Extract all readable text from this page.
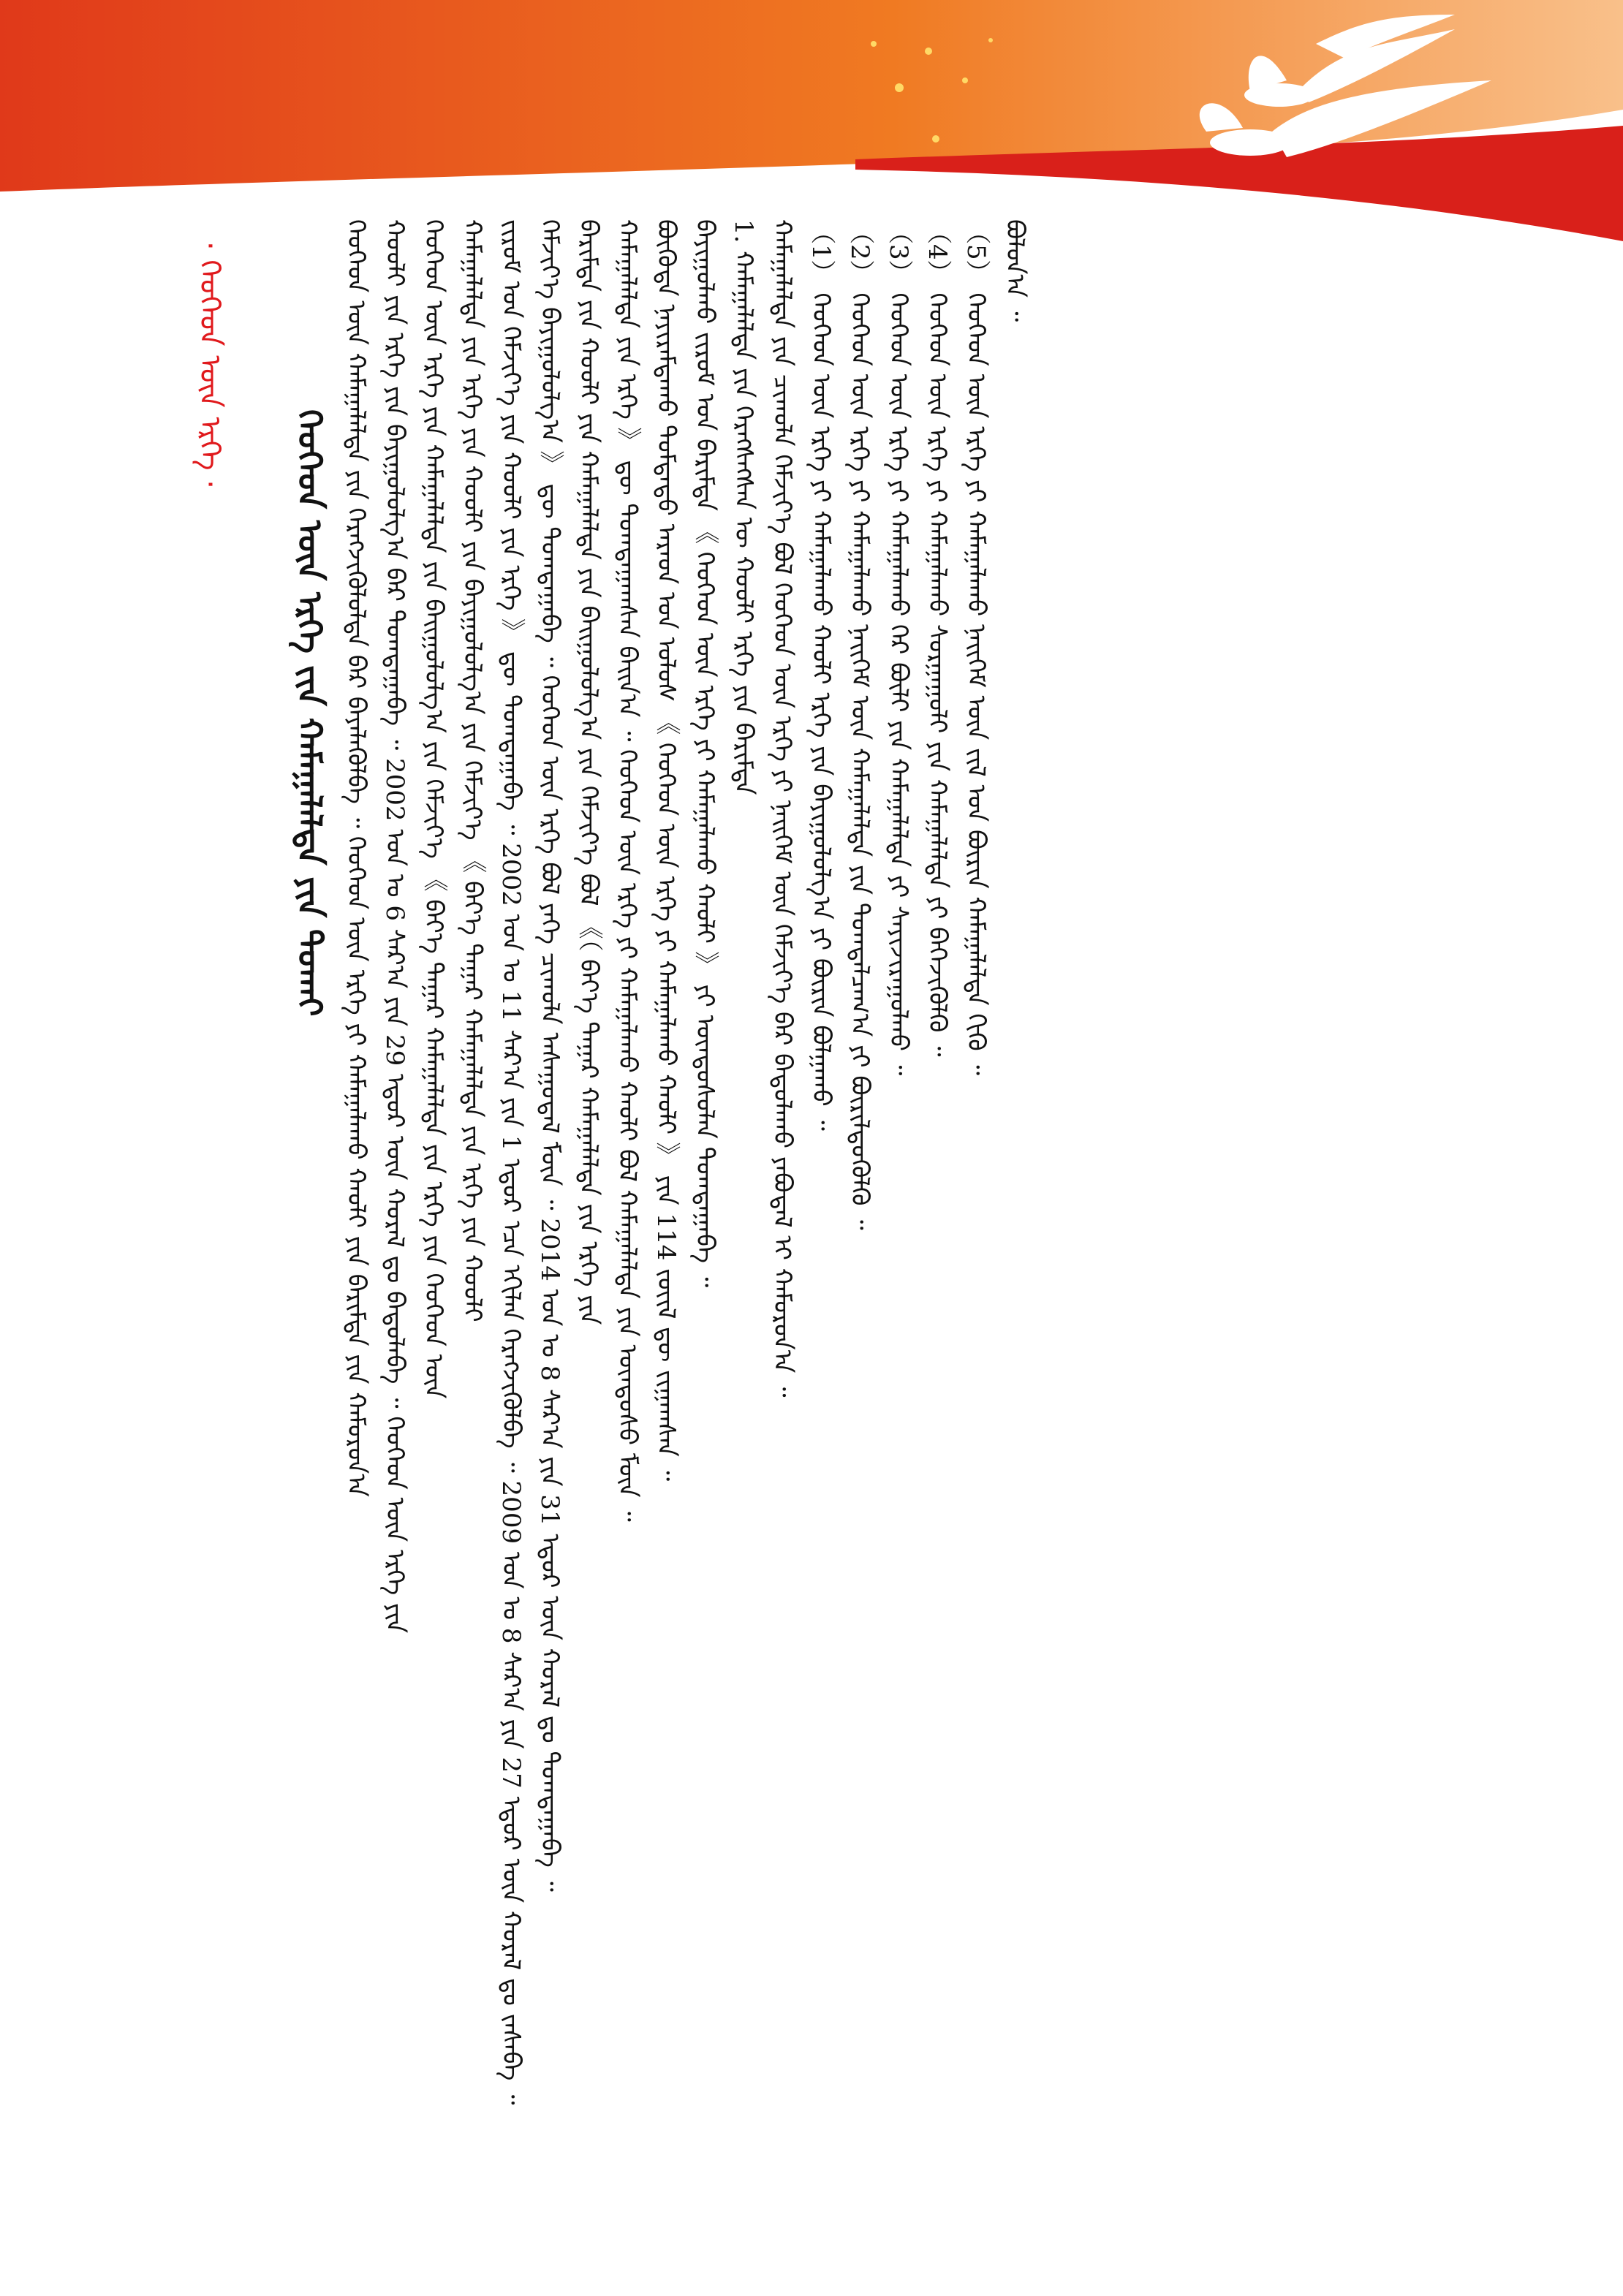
ᠬᠡᠦᠬᠡᠳ ᠦᠨ ᠡᠷᠬᠡ ᠵᠢᠨ ᠬᠠᠮᠠᠭᠠᠯᠠᠯᠲᠠ ᠶᠢᠨ ᠲᠤᠬᠠᠢ
· ᠬᠡᠦᠬᠡᠳ ᠦᠨ ᠡᠷᠬᠡ ·	ᠬᠡᠦᠬᠡᠳ ᠦᠨ ᠬᠠᠮᠠᠭᠠᠯᠠᠯᠲᠠ ᠶᠢᠨ ᠬᠡᠷᠡᠭᠵᠢᠭᠦᠯᠦᠯᠲᠡ ᠪᠠᠷ ᠪᠡᠶᠡᠯᠡᠭᠦᠯᠪᠡ ᠃ ᠬᠡᠦᠬᠡᠳ ᠦᠨ ᠡᠷᠬᠡ ᠶᠢ ᠬᠠᠮᠠᠭᠠᠯᠠᠬᠤ ᠬᠠᠤᠯᠢ ᠶᠢᠨ ᠪᠠᠷᠢᠮᠲᠠ ᠶᠢᠨ ᠬᠠᠮᠤᠷᠤᠨ᠎ᠠ ᠬᠤᠤᠯᠢ ᠶᠢᠨ ᠡᠷᠬᠡ ᠶᠢᠨ ᠪᠠᠶᠢᠭᠤᠯᠤᠯᠭ᠎ᠠ ᠪᠠᠷ ᠲᠣᠭᠲᠠᠭᠠᠪᠠ ᠃ 2002 ᠣᠨ ᠤ 6 ᠰᠠᠷ᠎ᠠ ᠶᠢᠨ 29 ᠡᠳᠦᠷ ᠦᠨ ᠬᠤᠷᠠᠯ ᠳᠤ ᠪᠠᠲᠤᠯᠠᠪᠠ ᠃ ᠬᠡᠦᠬᠡᠳ ᠦᠨ ᠡᠷᠬᠡ ᠶᠢᠨ ᠬᠡᠦᠬᠡᠳ ᠦᠨ ᠡᠷᠬᠡ ᠶᠢᠨ ᠬᠠᠮᠠᠭᠠᠯᠠᠯᠲᠠ ᠶᠢᠨ ᠪᠠᠢᠭᠤᠯᠤᠯᠭ᠎ᠠ ᠶᠢᠨ ᠬᠡᠮᠵᠢᠶ᠎ᠡ 《 ᠪᠡᠶ᠎ᠡ ᠳᠠᠭᠠᠷ ᠬᠠᠮᠠᠭᠠᠯᠠᠯᠲᠠ ᠶᠢᠨ ᠡᠷᠬᠡ ᠶᠢᠨ ᠬᠡᠦᠬᠡᠳ ᠦᠨ ᠬᠠᠮᠠᠭᠠᠯᠠᠯᠲᠠ ᠶᠢᠨ ᠡᠷᠬᠡ ᠶᠢᠨ ᠬᠤᠤᠯᠢ ᠶᠢᠨ ᠪᠠᠶᠢᠭᠤᠯᠤᠯᠭ᠎ᠠ ᠶᠢᠨ ᠬᠡᠮᠵᠢᠶ᠎ᠡ 《 ᠪᠡᠶ᠎ᠡ ᠳᠠᠭᠠᠷ ᠬᠠᠮᠠᠭᠠᠯᠠᠯᠲᠠ ᠶᠢᠨ ᠡᠷᠬᠡ ᠶᠢᠨ ᠬᠤᠤᠯᠢ ᠵᠢᠷᠤᠮ ᠤᠨ ᠬᠡᠮᠵᠢᠶ᠎ᠡ ᠶᠢᠨ ᠬᠤᠤᠯᠢ ᠶᠢᠨ ᠡᠷᠬᠡ 》 ᠳᠦ ᠲᠣᠭᠲᠠᠭᠠᠪᠠ ᠃ 2002 ᠣᠨ ᠤ 11 ᠰᠠᠷ᠎ᠠ ᠶᠢᠨ 1 ᠡᠳᠦᠷ ᠡᠴᠡ ᠡᠬᠢᠯᠡᠨ ᠬᠡᠷᠡᠭᠵᠢᠭᠦᠯᠪᠡ ᠃ 2009 ᠣᠨ ᠤ 8 ᠰᠠᠷ᠎ᠠ ᠶᠢᠨ 27 ᠡᠳᠦᠷ ᠦᠨ ᠬᠤᠷᠠᠯ ᠳᠤ ᠵᠠᠰᠠᠪᠠ ᠃ ᠬᠡᠮᠵᠢᠶ᠎ᠡ ᠪᠠᠶᠢᠭᠤᠯᠤᠯᠭ᠎ᠠ 》 ᠳᠦ ᠲᠣᠭᠲᠠᠭᠠᠪᠠ ᠃ ᠬᠡᠦᠬᠡᠳ ᠦᠨ ᠡᠷᠬᠡ ᠪᠣᠯ ᠶᠡᠬᠡ ᠴᠢᠬᠤᠯᠠ ᠠᠰᠠᠭᠤᠳᠠᠯ ᠮᠥᠨ ᠃ 2014 ᠣᠨ ᠤ 8 ᠰᠠᠷ᠎ᠠ ᠶᠢᠨ 31 ᠡᠳᠦᠷ ᠦᠨ ᠬᠤᠷᠠᠯ ᠳᠤ ᠲᠣᠭᠲᠠᠭᠠᠪᠠ ᠃ ᠪᠠᠷᠢᠮᠲᠠ ᠶᠢᠨ ᠬᠤᠤᠯᠢ ᠶᠢᠨ ᠬᠠᠮᠠᠭᠠᠯᠠᠯᠲᠠ ᠶᠢᠨ ᠪᠠᠢᠭᠤᠯᠤᠯᠭ᠎ᠠ ᠶᠢᠨ ᠬᠡᠮᠵᠢᠶ᠎ᠡ ᠪᠣᠯ 《（ ᠪᠡᠶ᠎ᠡ ᠳᠠᠭᠠᠷ ᠬᠠᠮᠠᠭᠠᠯᠠᠯᠲᠠ ᠶᠢᠨ ᠡᠷᠬᠡ ᠶᠢᠨ ᠬᠠᠮᠠᠭᠠᠯᠠᠯᠲᠠ ᠶᠢᠨ ᠡᠷᠬᠡ 》 ᠳᠦ ᠲᠣᠭᠲᠠᠭᠠᠭᠰᠠᠨ ᠪᠠᠢᠨ᠎ᠠ ᠃ ᠬᠡᠦᠬᠡᠳ ᠦᠨ ᠡᠷᠬᠡ ᠶᠢ ᠬᠠᠮᠠᠭᠠᠯᠠᠬᠤ ᠬᠠᠤᠯᠢ ᠪᠣᠯ ᠬᠠᠮᠠᠭᠠᠯᠠᠯᠲᠠ ᠶᠢᠨ ᠦᠨᠳᠦᠰᠦ ᠮᠥᠨ ᠃ ᠪᠦᠭᠦᠳᠡ ᠨᠠᠶᠢᠷᠠᠮᠳᠠᠬᠤ ᠳᠤᠮᠳᠠᠳᠤ ᠠᠷᠠᠳ ᠤᠨ ᠤᠯᠤᠰ 《 ᠬᠡᠦᠬᠡᠳ ᠦᠨ ᠡᠷᠬᠡ ᠶᠢ ᠬᠠᠮᠠᠭᠠᠯᠠᠬᠤ ᠬᠠᠤᠯᠢ 》 ᠶᠢᠨ 114 ᠵᠦᠢᠯ ᠳᠦ ᠵᠢᠭᠠᠭᠰᠠᠨ ᠃ ᠪᠠᠶᠢᠭᠤᠯᠬᠤ ᠵᠢᠷᠤᠮ ᠤᠨ ᠪᠠᠷᠢᠮᠲᠠ 《 ᠬᠡᠦᠬᠡᠳ ᠦᠨ ᠡᠷᠬᠡ ᠶᠢ ᠬᠠᠮᠠᠭᠠᠯᠠᠬᠤ ᠬᠠᠤᠯᠢ 》 ᠶᠢ ᠦᠨᠳᠦᠰᠦᠯᠡᠨ ᠲᠣᠭᠲᠠᠭᠠᠪᠠ ᠃ 1. ᠬᠠᠮᠠᠭᠠᠯᠠᠯᠲᠠ ᠶᠢᠨ ᠬᠡᠷᠡᠭᠰᠡᠭᠰᠡᠨ ᠦ ᠬᠤᠤᠯᠢ ᠡᠷᠬᠡ ᠶᠢᠨ ᠪᠠᠷᠢᠮᠲᠠ ᠬᠠᠮᠠᠭᠠᠯᠠᠯᠲᠠ ᠶᠢᠨ ᠴᠢᠬᠤᠯᠠ ᠬᠡᠮᠵᠢᠶ᠎ᠡ ᠪᠣᠯ ᠬᠡᠦᠬᠡᠳ ᠦᠨ ᠡᠷᠬᠡ ᠶᠢ ᠨᠡᠢᠭᠡᠮ ᠦᠨ ᠬᠡᠮᠵᠢᠶ᠎ᠡ ᠪᠡᠷ ᠪᠠᠲᠤᠯᠠᠬᠤ ᠶᠠᠪᠤᠳᠠᠯ ᠢ ᠬᠠᠮᠤᠷᠤᠨ᠎ᠠ ᠃ （1） ᠬᠡᠦᠬᠡᠳ ᠦᠨ ᠡᠷᠬᠡ ᠶᠢ ᠬᠠᠮᠠᠭᠠᠯᠠᠬᠤ ᠬᠠᠤᠯᠢ ᠡᠷᠬᠡ ᠶᠢᠨ ᠪᠠᠶᠢᠭᠤᠯᠤᠯᠭ᠎ᠠ ᠶᠢ ᠪᠦᠷᠢᠨ ᠪᠣᠯᠭᠠᠬᠤ ᠃ （2） ᠬᠡᠦᠬᠡᠳ ᠦᠨ ᠡᠷᠬᠡ ᠶᠢ ᠬᠠᠮᠠᠭᠠᠯᠠᠬᠤ ᠨᠡᠢᠭᠡᠮ ᠦᠨ ᠬᠠᠮᠠᠭᠠᠯᠠᠯᠲᠠ ᠶᠢᠨ ᠲᠣᠭᠲᠠᠯᠴᠠᠭ᠎ᠠ ᠶᠢ ᠪᠦᠷᠢᠯᠳᠦᠭᠦᠯᠬᠦ ᠃ （3） ᠬᠡᠦᠬᠡᠳ ᠦᠨ ᠡᠷᠬᠡ ᠶᠢ ᠬᠠᠮᠠᠭᠠᠯᠠᠬᠤ ᠭᠡᠷ ᠪᠦᠯᠢ ᠶᠢᠨ ᠬᠠᠮᠠᠭᠠᠯᠠᠯᠲᠠ ᠶᠢ ᠰᠠᠶᠢᠵᠢᠷᠠᠭᠤᠯᠬᠤ ᠃ （4） ᠬᠡᠦᠬᠡᠳ ᠦᠨ ᠡᠷᠬᠡ ᠶᠢ ᠬᠠᠮᠠᠭᠠᠯᠠᠬᠤ ᠰᠤᠷᠭᠠᠭᠤᠯᠢ ᠶᠢᠨ ᠬᠠᠮᠠᠭᠠᠯᠠᠯᠲᠠ ᠶᠢ ᠪᠡᠬᠡᠵᠢᠭᠦᠯᠬᠦ ᠃ （5） ᠬᠡᠦᠬᠡᠳ ᠦᠨ ᠡᠷᠬᠡ ᠶᠢ ᠬᠠᠮᠠᠭᠠᠯᠠᠬᠤ ᠨᠡᠢᠭᠡᠮ ᠦᠨ ᠵᠢᠯ ᠤᠨ ᠪᠦᠷᠢᠨ ᠬᠠᠮᠠᠭᠠᠯᠠᠯᠲᠠ ᠬᠢᠬᠦ ᠃ ᠪᠣᠯᠤᠨ᠎ᠠ ᠃
